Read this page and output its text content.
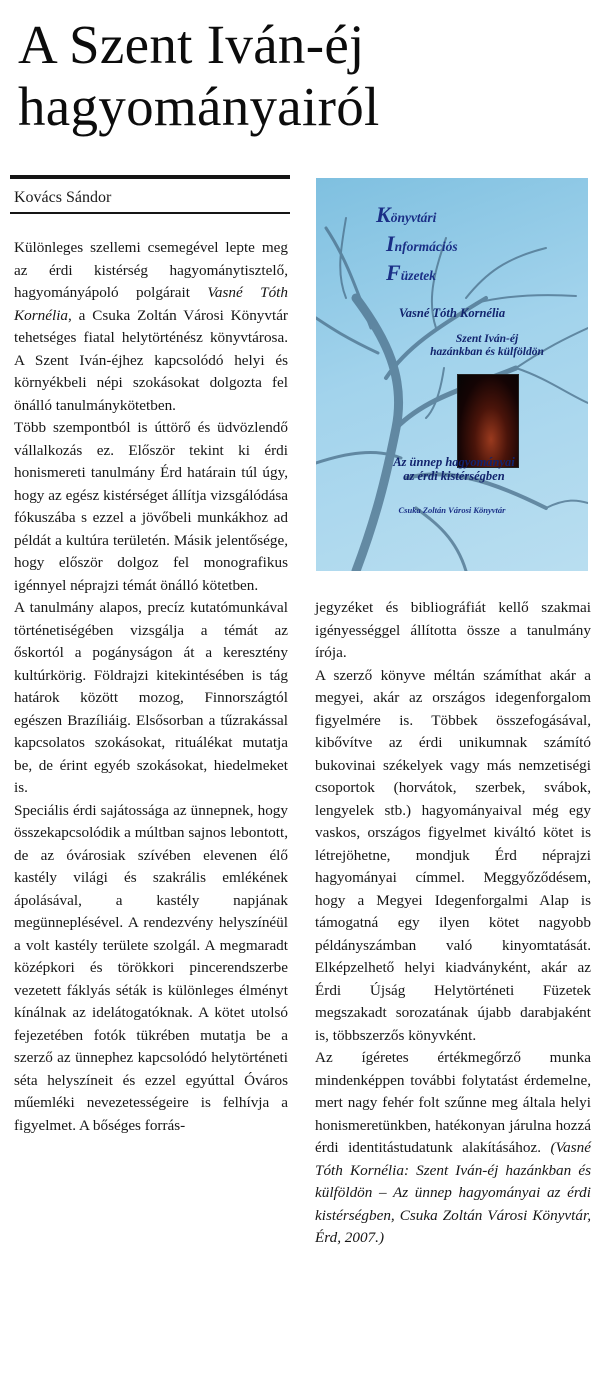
A Szent Iván-éj hagyományairól
Kovács Sándor
Könyvtári
Információs
Füzetek
Vasné Tóth Kornélia
Szent Iván-éj
hazánkban és külföldön
Az ünnep hagyományai
az érdi kistérségben
Csuka Zoltán Városi Könyvtár

Különleges szellemi csemegével lepte meg az érdi kistérség hagyománytisztelő, hagyományápoló polgárait Vasné Tóth Kornélia, a Csuka Zoltán Városi Könyvtár tehetséges fiatal helytörténész könyvtárosa. A Szent Iván-éjhez kapcsolódó helyi és környékbeli népi szokásokat dolgozta fel önálló tanulmánykötetben.

Több szempontból is úttörő és üdvözlendő vállalkozás ez. Először tekint ki érdi honismereti tanulmány Érd határain túl úgy, hogy az egész kistérséget állítja vizsgálódása fókuszába s ezzel a jövőbeli munkákhoz ad példát a kultúra területén. Másik jelentősége, hogy először dolgoz fel monografikus igénnyel néprajzi témát önálló kötetben.

A tanulmány alapos, precíz kutatómunkával történetiségében vizsgálja a témát az őskortól a pogányságon át a keresztény kultúrkörig. Földrajzi kitekintésében is tág határok között mozog, Finnországtól egészen Brazíliáig. Elsősorban a tűzrakással kapcsolatos szokásokat, rituálékat mutatja be, de érint egyéb szokásokat, hiedelmeket is.

Speciális érdi sajátossága az ünnepnek, hogy összekapcsolódik a múltban sajnos lebontott, de az óvárosiak szívében elevenen élő kastély világi és szakrális emlékének ápolásával, a kastély napjának megünneplésével. A rendezvény helyszínéül a volt kastély területe szolgál. A megmaradt középkori és törökkori pincerendszerbe vezetett fáklyás séták is különleges élményt kínálnak az idelátogatóknak. A kötet utolsó fejezetében fotók tükrében mutatja be a szerző az ünnephez kapcsolódó helytörténeti séta helyszíneit és ezzel egyúttal Óváros műemléki nevezetességeire is felhívja a figyelmet. A bőséges forrás-

jegyzéket és bibliográfiát kellő szakmai igényességgel állította össze a tanulmány írója.

A szerző könyve méltán számíthat akár a megyei, akár az országos idegenforgalom figyelmére is. Többek összefogásával, kibővítve az érdi unikumnak számító bukovinai székelyek vagy más nemzetiségi csoportok (horvátok, szerbek, svábok, lengyelek stb.) hagyományaival még egy vaskos, országos figyelmet kiváltó kötet is létrejöhetne, mondjuk Érd néprajzi hagyományai címmel. Meggyőződésem, hogy a Megyei Idegenforgalmi Alap is támogatná egy ilyen kötet nagyobb példányszámban való kinyomtatását. Elképzelhető helyi kiadványként, akár az Érdi Újság Helytörténeti Füzetek megszakadt sorozatának újabb darabjaként is, többszerzős könyvként.

Az ígéretes értékmegőrző munka mindenképpen további folytatást érdemelne, mert nagy fehér folt szűnne meg általa helyi honismeretünkben, hatékonyan járulna hozzá érdi identitástudatunk alakításához. (Vasné Tóth Kornélia: Szent Iván-éj hazánkban és külföldön – Az ünnep hagyományai az érdi kistérségben, Csuka Zoltán Városi Könyvtár, Érd, 2007.)
